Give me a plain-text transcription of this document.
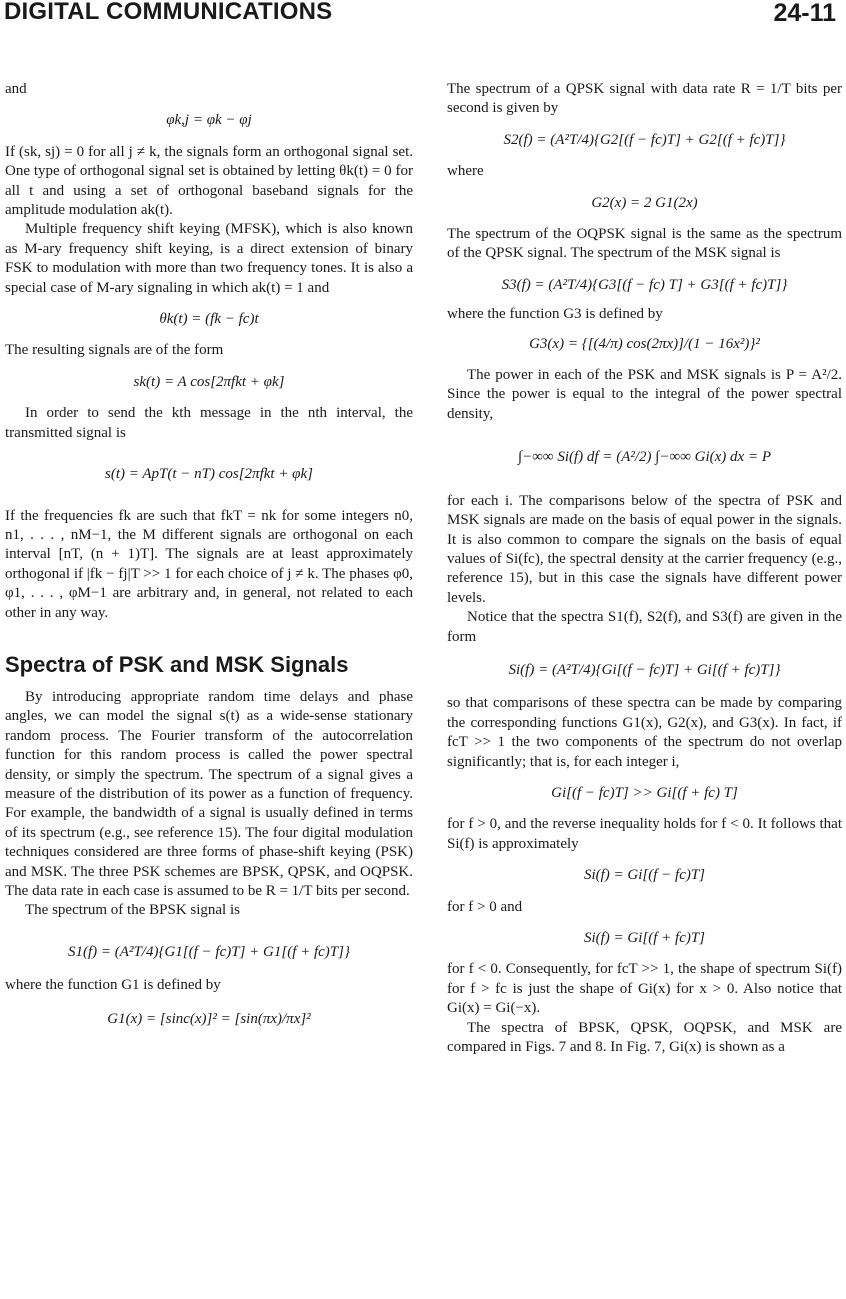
DIGITAL COMMUNICATIONS	24-11

and

φk,j = φk − φj

If (sk, sj) = 0 for all j ≠ k, the signals form an orthogonal signal set. One type of orthogonal signal set is obtained by letting θk(t) = 0 for all t and using a set of orthogonal baseband signals for the amplitude modulation ak(t).

Multiple frequency shift keying (MFSK), which is also known as M-ary frequency shift keying, is a direct extension of binary FSK to modulation with more than two frequency tones. It is also a special case of M-ary signaling in which ak(t) = 1 and

θk(t) = (fk − fc)t

The resulting signals are of the form

sk(t) = A cos[2πfkt + φk]

In order to send the kth message in the nth interval, the transmitted signal is

s(t) = ApT(t − nT) cos[2πfkt + φk]

If the frequencies fk are such that fkT = nk for some integers n0, n1, . . . , nM−1, the M different signals are orthogonal on each interval [nT, (n + 1)T]. The signals are at least approximately orthogonal if |fk − fj|T >> 1 for each choice of j ≠ k. The phases φ0, φ1, . . . , φM−1 are arbitrary and, in general, not related to each other in any way.

Spectra of PSK and MSK Signals

By introducing appropriate random time delays and phase angles, we can model the signal s(t) as a wide-sense stationary random process. The Fourier transform of the autocorrelation function for this random process is called the power spectral density, or simply the spectrum. The spectrum of a signal gives a measure of the distribution of its power as a function of frequency. For example, the bandwidth of a signal is usually defined in terms of its spectrum (e.g., see reference 15). The four digital modulation techniques considered are three forms of phase-shift keying (PSK) and MSK. The three PSK schemes are BPSK, QPSK, and OQPSK. The data rate in each case is assumed to be R = 1/T bits per second.

The spectrum of the BPSK signal is

S1(f) = (A²T/4){G1[(f − fc)T] + G1[(f + fc)T]}

where the function G1 is defined by

G1(x) = [sinc(x)]² = [sin(πx)/πx]²

The spectrum of a QPSK signal with data rate R = 1/T bits per second is given by

S2(f) = (A²T/4){G2[(f − fc)T] + G2[(f + fc)T]}

where

G2(x) = 2 G1(2x)

The spectrum of the OQPSK signal is the same as the spectrum of the QPSK signal. The spectrum of the MSK signal is

S3(f) = (A²T/4){G3[(f − fc) T] + G3[(f + fc)T]}

where the function G3 is defined by

G3(x) = {[(4/π) cos(2πx)]/(1 − 16x²)}²

The power in each of the PSK and MSK signals is P = A²/2. Since the power is equal to the integral of the power spectral density,

∫−∞∞ Si(f) df = (A²/2) ∫−∞∞ Gi(x) dx = P

for each i. The comparisons below of the spectra of PSK and MSK signals are made on the basis of equal power in the signals. It is also common to compare the signals on the basis of equal values of Si(fc), the spectral density at the carrier frequency (e.g., reference 15), but in this case the signals have different power levels.

Notice that the spectra S1(f), S2(f), and S3(f) are given in the form

Si(f) = (A²T/4){Gi[(f − fc)T] + Gi[(f + fc)T]}

so that comparisons of these spectra can be made by comparing the corresponding functions G1(x), G2(x), and G3(x). In fact, if fcT >> 1 the two components of the spectrum do not overlap significantly; that is, for each integer i,

Gi[(f − fc)T] >> Gi[(f + fc) T]

for f > 0, and the reverse inequality holds for f < 0. It follows that Si(f) is approximately

Si(f) = Gi[(f − fc)T]

for f > 0 and

Si(f) = Gi[(f + fc)T]

for f < 0. Consequently, for fcT >> 1, the shape of spectrum Si(f) for f > fc is just the shape of Gi(x) for x > 0. Also notice that Gi(x) = Gi(−x).

The spectra of BPSK, QPSK, OQPSK, and MSK are compared in Figs. 7 and 8. In Fig. 7, Gi(x) is shown as a
